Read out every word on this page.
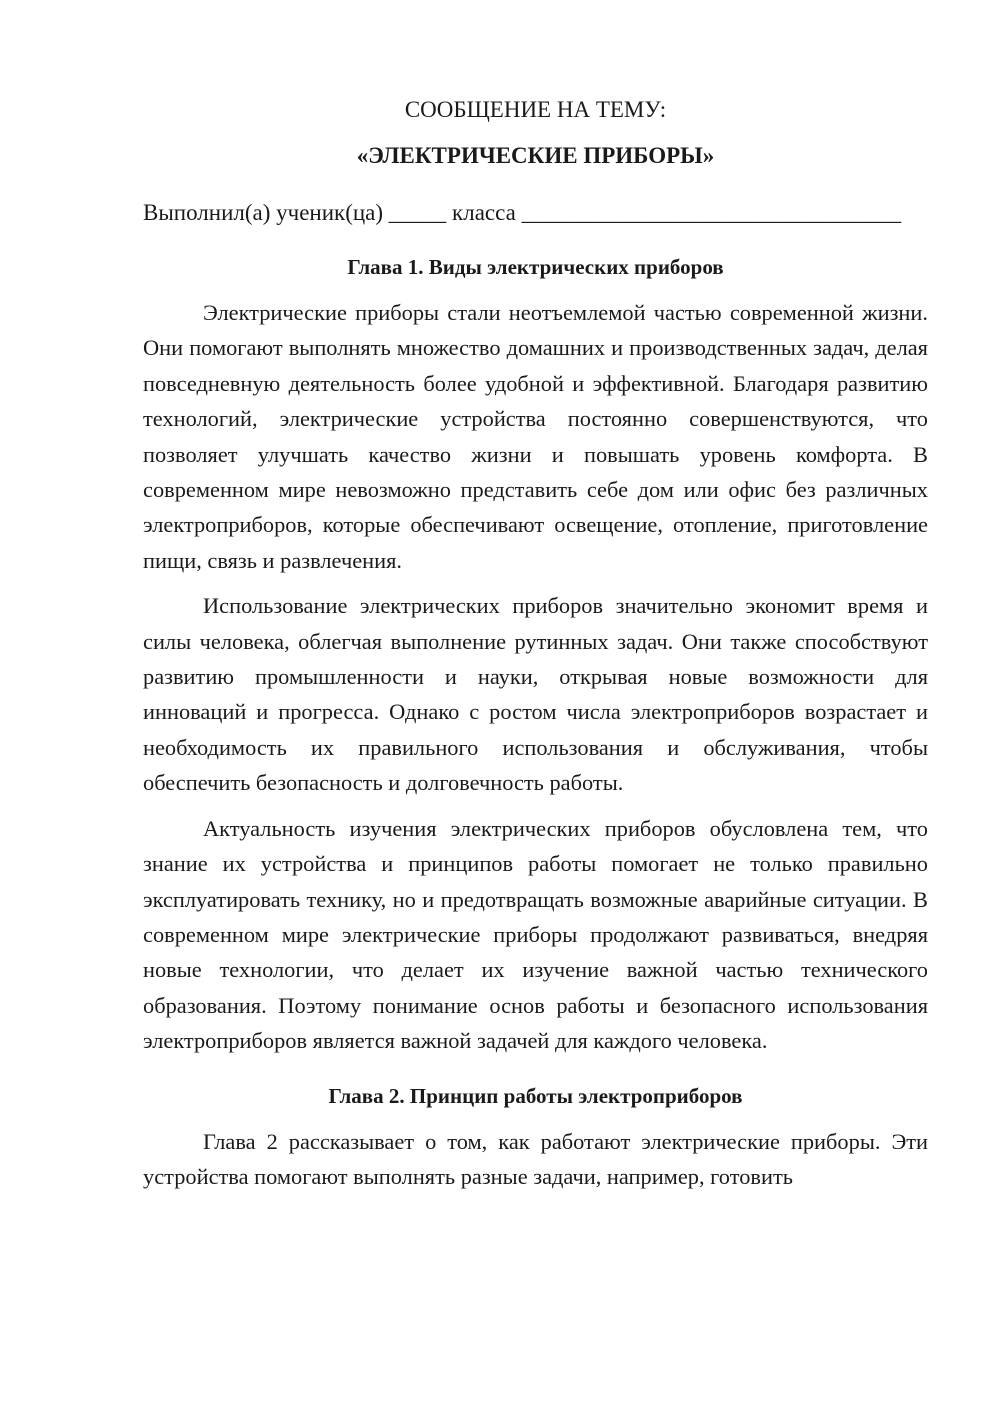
СООБЩЕНИЕ НА ТЕМУ:

«ЭЛЕКТРИЧЕСКИЕ ПРИБОРЫ»

Выполнил(а) ученик(ца) _____ класса _________________________________

Глава 1. Виды электрических приборов

Электрические приборы стали неотъемлемой частью современной жизни. Они помогают выполнять множество домашних и производственных задач, делая повседневную деятельность более удобной и эффективной. Благодаря развитию технологий, электрические устройства постоянно совершенствуются, что позволяет улучшать качество жизни и повышать уровень комфорта. В современном мире невозможно представить себе дом или офис без различных электроприборов, которые обеспечивают освещение, отопление, приготовление пищи, связь и развлечения.

Использование электрических приборов значительно экономит время и силы человека, облегчая выполнение рутинных задач. Они также способствуют развитию промышленности и науки, открывая новые возможности для инноваций и прогресса. Однако с ростом числа электроприборов возрастает и необходимость их правильного использования и обслуживания, чтобы обеспечить безопасность и долговечность работы.

Актуальность изучения электрических приборов обусловлена тем, что знание их устройства и принципов работы помогает не только правильно эксплуатировать технику, но и предотвращать возможные аварийные ситуации. В современном мире электрические приборы продолжают развиваться, внедряя новые технологии, что делает их изучение важной частью технического образования. Поэтому понимание основ работы и безопасного использования электроприборов является важной задачей для каждого человека.

Глава 2. Принцип работы электроприборов

Глава 2 рассказывает о том, как работают электрические приборы. Эти устройства помогают выполнять разные задачи, например, готовить
